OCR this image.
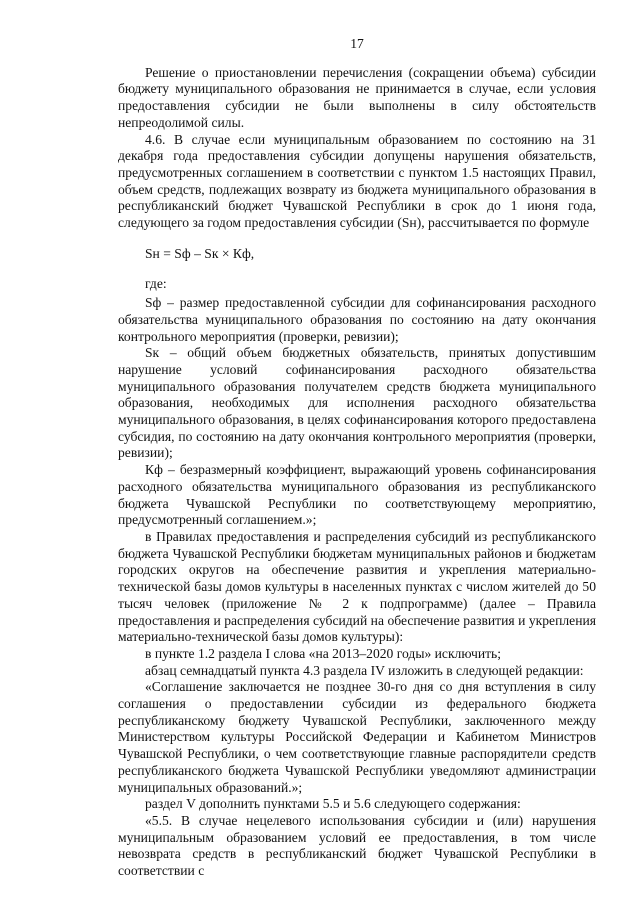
17

Решение о приостановлении перечисления (сокращении объема) субсидии бюджету муниципального образования не принимается в случае, если условия предоставления субсидии не были выполнены в силу обстоятельств непреодолимой силы.

4.6. В случае если муниципальным образованием по состоянию на 31 декабря года предоставления субсидии допущены нарушения обязательств, предусмотренных соглашением в соответствии с пунктом 1.5 настоящих Правил, объем средств, подлежащих возврату из бюджета муниципального образования в республиканский бюджет Чувашской Республики в срок до 1 июня года, следующего за годом предоставления субсидии (Sн), рассчитывается по формуле

Sн = Sф – Sк × Кф,

где:

Sф – размер предоставленной субсидии для софинансирования расходного обязательства муниципального образования по состоянию на дату окончания контрольного мероприятия (проверки, ревизии);

Sк – общий объем бюджетных обязательств, принятых допустившим нарушение условий софинансирования расходного обязательства муниципального образования получателем средств бюджета муниципального образования, необходимых для исполнения расходного обязательства муниципального образования, в целях софинансирования которого предоставлена субсидия, по состоянию на дату окончания контрольного мероприятия (проверки, ревизии);

Кф – безразмерный коэффициент, выражающий уровень софинансирования расходного обязательства муниципального образования из республиканского бюджета Чувашской Республики по соответствующему мероприятию, предусмотренный соглашением.»;

в Правилах предоставления и распределения субсидий из республиканского бюджета Чувашской Республики бюджетам муниципальных районов и бюджетам городских округов на обеспечение развития и укрепления материально-технической базы домов культуры в населенных пунктах с числом жителей до 50 тысяч человек (приложение № 2 к подпрограмме) (далее – Правила предоставления и распределения субсидий на обеспечение развития и укрепления материально-технической базы домов культуры):

в пункте 1.2 раздела I слова «на 2013–2020 годы» исключить;

абзац семнадцатый пункта 4.3 раздела IV изложить в следующей редакции:

«Соглашение заключается не позднее 30-го дня со дня вступления в силу соглашения о предоставлении субсидии из федерального бюджета республиканскому бюджету Чувашской Республики, заключенного между Министерством культуры Российской Федерации и Кабинетом Министров Чувашской Республики, о чем соответствующие главные распорядители средств республиканского бюджета Чувашской Республики уведомляют администрации муниципальных образований.»;

раздел V дополнить пунктами 5.5 и 5.6 следующего содержания:

«5.5. В случае нецелевого использования субсидии и (или) нарушения муниципальным образованием условий ее предоставления, в том числе невозврата средств в республиканский бюджет Чувашской Республики в соответствии с
